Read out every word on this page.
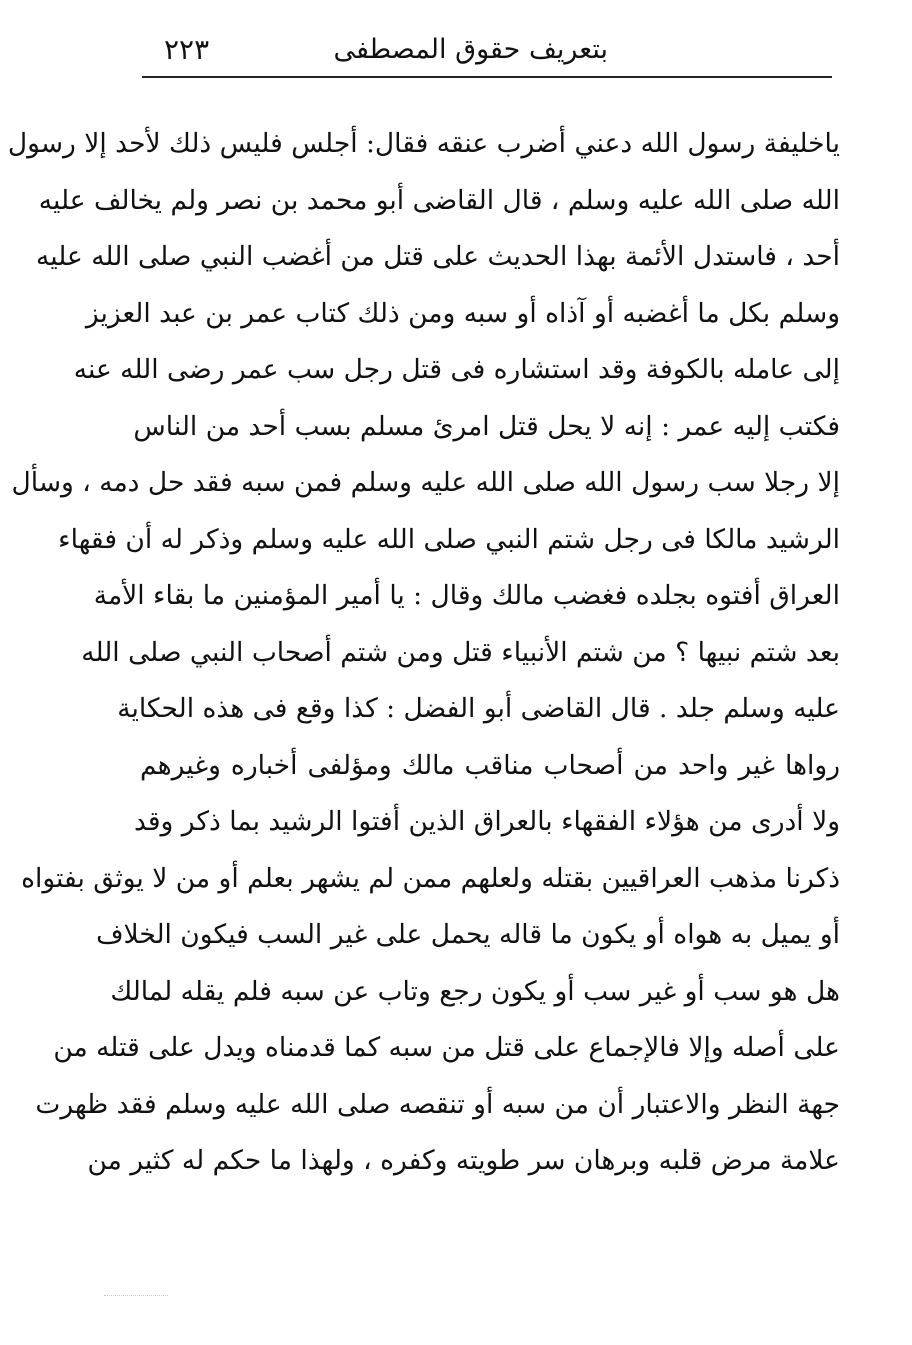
بتعريف حقوق المصطفى
٢٢٣
ياخليفة رسول الله دعني أضرب عنقه فقال: أجلس فليس ذلك لأحد إلا رسول
الله صلى الله عليه وسلم ، قال القاضى أبو محمد بن نصر ولم يخالف عليه
أحد ، فاستدل الأئمة بهذا الحديث على قتل من أغضب النبي صلى الله عليه
وسلم بكل ما أغضبه أو آذاه أو سبه ومن ذلك كتاب عمر بن عبد العزيز
إلى عامله بالكوفة وقد استشاره فى قتل رجل سب عمر رضى الله عنه
فكتب إليه عمر : إنه لا يحل قتل امرئ مسلم بسب أحد من الناس
إلا رجلا سب رسول الله صلى الله عليه وسلم فمن سبه فقد حل دمه ، وسأل
الرشيد مالكا فى رجل شتم النبي صلى الله عليه وسلم وذكر له أن فقهاء
العراق أفتوه بجلده فغضب مالك وقال : يا أمير المؤمنين ما بقاء الأمة
بعد شتم نبيها ؟ من شتم الأنبياء قتل ومن شتم أصحاب النبي صلى الله
عليه وسلم جلد . قال القاضى أبو الفضل : كذا وقع فى هذه الحكاية
رواها غير واحد من أصحاب مناقب مالك ومؤلفى أخباره وغيرهم
ولا أدرى من هؤلاء الفقهاء بالعراق الذين أفتوا الرشيد بما ذكر وقد
ذكرنا مذهب العراقيين بقتله ولعلهم ممن لم يشهر بعلم أو من لا يوثق بفتواه
أو يميل به هواه أو يكون ما قاله يحمل على غير السب فيكون الخلاف
هل هو سب أو غير سب أو يكون رجع وتاب عن سبه فلم يقله لمالك
على أصله وإلا فالإجماع على قتل من سبه كما قدمناه ويدل على قتله من
جهة النظر والاعتبار أن من سبه أو تنقصه صلى الله عليه وسلم فقد ظهرت
علامة مرض قلبه وبرهان سر طويته وكفره ، ولهذا ما حكم له كثير من
